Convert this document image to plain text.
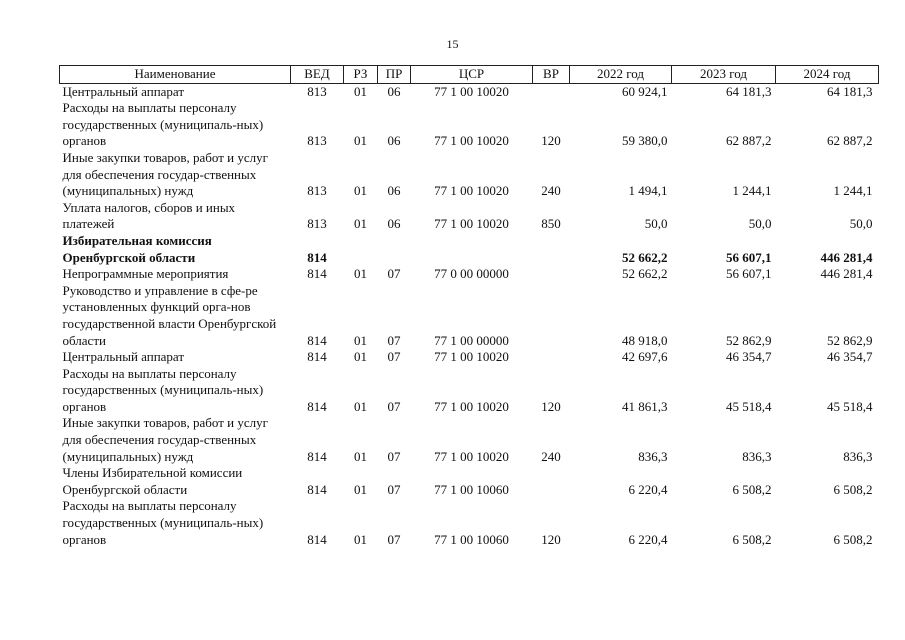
15
Наименование	ВЕД	РЗ	ПР	ЦСР	ВР	2022 год	2023 год	2024 год
Центральный аппарат	813	01	06	77 1 00 10020		60 924,1	64 181,3	64 181,3
Расходы на выплаты персоналу государственных (муниципаль-ных) органов	813	01	06	77 1 00 10020	120	59 380,0	62 887,2	62 887,2
Иные закупки товаров, работ и услуг для обеспечения государ-ственных (муниципальных) нужд	813	01	06	77 1 00 10020	240	1 494,1	1 244,1	1 244,1
Уплата налогов, сборов и иных платежей	813	01	06	77 1 00 10020	850	50,0	50,0	50,0
Избирательная комиссия Оренбургской области	814					52 662,2	56 607,1	446 281,4
Непрограммные мероприятия	814	01	07	77 0 00 00000		52 662,2	56 607,1	446 281,4
Руководство и управление в сфе-ре установленных функций орга-нов государственной власти Оренбургской области	814	01	07	77 1 00 00000		48 918,0	52 862,9	52 862,9
Центральный аппарат	814	01	07	77 1 00 10020		42 697,6	46 354,7	46 354,7
Расходы на выплаты персоналу государственных (муниципаль-ных) органов	814	01	07	77 1 00 10020	120	41 861,3	45 518,4	45 518,4
Иные закупки товаров, работ и услуг для обеспечения государ-ственных (муниципальных) нужд	814	01	07	77 1 00 10020	240	836,3	836,3	836,3
Члены Избирательной комиссии Оренбургской области	814	01	07	77 1 00 10060		6 220,4	6 508,2	6 508,2
Расходы на выплаты персоналу государственных (муниципаль-ных) органов	814	01	07	77 1 00 10060	120	6 220,4	6 508,2	6 508,2
